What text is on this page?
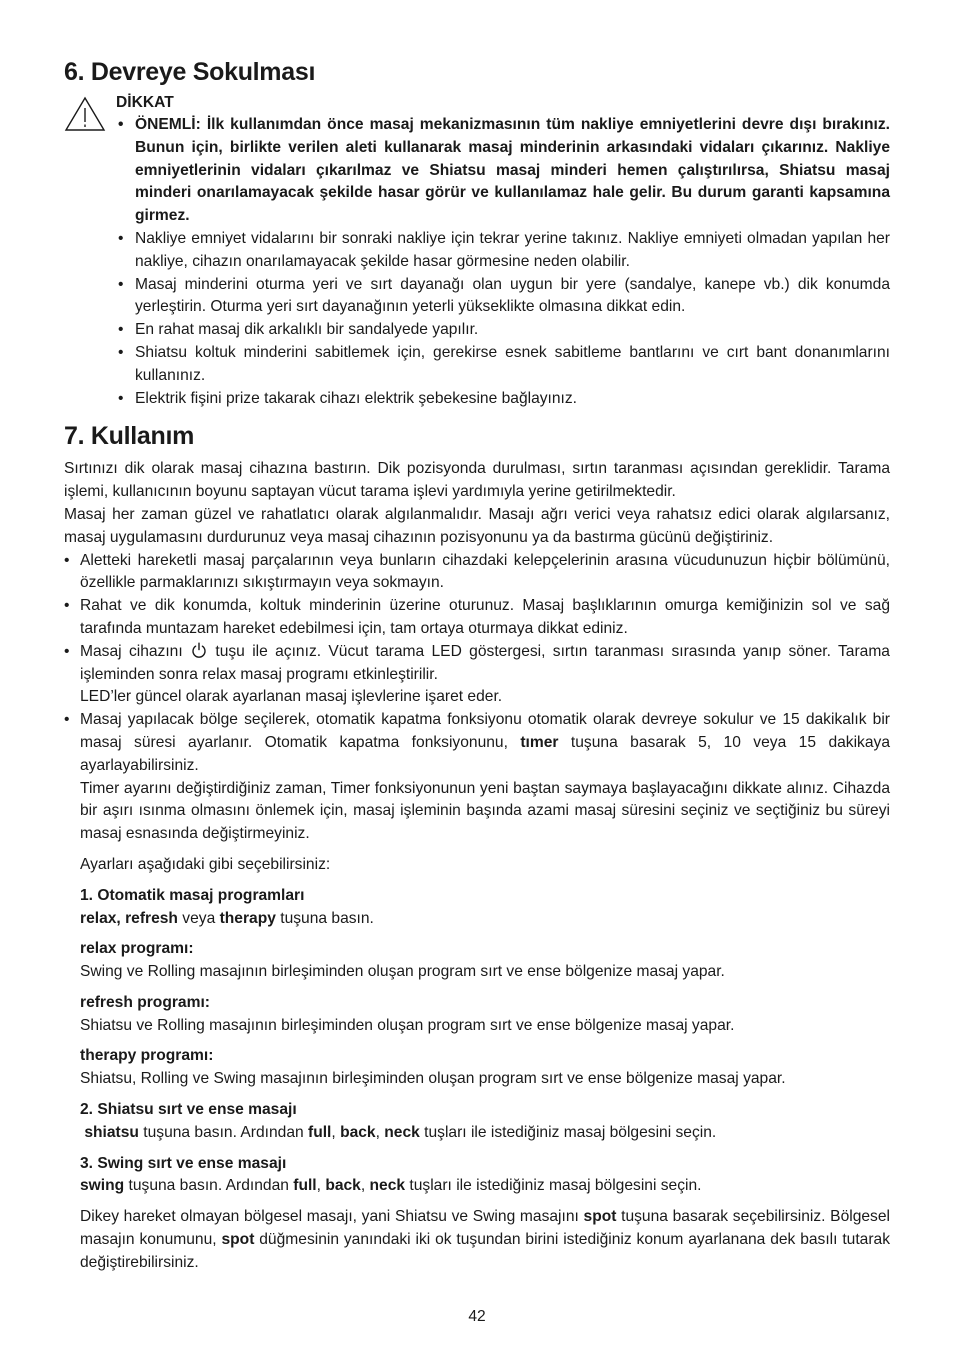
6. Devreye Sokulması

DİKKAT

• ÖNEMLİ: İlk kullanımdan önce masaj mekanizmasının tüm nakliye emniyetlerini devre dışı bırakınız. Bunun için, birlikte verilen aleti kullanarak masaj minderinin arkasındaki vidaları çıkarınız. Nakliye emniyetlerinin vidaları çıkarılmaz ve Shiatsu masaj minderi hemen çalıştırılırsa, Shiatsu masaj minderi onarılamayacak şekilde hasar görür ve kullanılamaz hale gelir. Bu durum garanti kapsamına girmez.
• Nakliye emniyet vidalarını bir sonraki nakliye için tekrar yerine takınız. Nakliye emniyeti olmadan yapılan her nakliye, cihazın onarılamayacak şekilde hasar görmesine neden olabilir.
• Masaj minderini oturma yeri ve sırt dayanağı olan uygun bir yere (sandalye, kanepe vb.) dik konumda yerleştirin. Oturma yeri sırt dayanağının yeterli yükseklikte olmasına dikkat edin.
• En rahat masaj dik arkalıklı bir sandalyede yapılır.
• Shiatsu koltuk minderini sabitlemek için, gerekirse esnek sabitleme bantlarını ve cırt bant donanımlarını kullanınız.
• Elektrik fişini prize takarak cihazı elektrik şebekesine bağlayınız.
7. Kullanım

Sırtınızı dik olarak masaj cihazına bastırın. Dik pozisyonda durulması, sırtın taranması açısından gereklidir. Tarama işlemi, kullanıcının boyunu saptayan vücut tarama işlevi yardımıyla yerine getirilmektedir.

Masaj her zaman güzel ve rahatlatıcı olarak algılanmalıdır. Masajı ağrı verici veya rahatsız edici olarak algılarsanız, masaj uygulamasını durdurunuz veya masaj cihazının pozisyonunu ya da bastırma gücünü değiştiriniz.

• Aletteki hareketli masaj parçalarının veya bunların cihazdaki kelepçelerinin arasına vücudunuzun hiçbir bölümünü, özellikle parmaklarınızı sıkıştırmayın veya sokmayın.
• Rahat ve dik konumda, koltuk minderinin üzerine oturunuz. Masaj başlıklarının omurga kemiğinizin sol ve sağ tarafında muntazam hareket edebilmesi için, tam ortaya oturmaya dikkat ediniz.
• Masaj cihazını  tuşu ile açınız. Vücut tarama LED göstergesi, sırtın taranması sırasında yanıp söner. Tarama işleminden sonra relax masaj programı etkinleştirilir.
LED’ler güncel olarak ayarlanan masaj işlevlerine işaret eder.
• Masaj yapılacak bölge seçilerek, otomatik kapatma fonksiyonu otomatik olarak devreye sokulur ve 15 dakikalık bir masaj süresi ayarlanır. Otomatik kapatma fonksiyonunu, tımer tuşuna basarak 5, 10 veya 15 dakikaya ayarlayabilirsiniz.

Timer ayarını değiştirdiğiniz zaman, Timer fonksiyonunun yeni baştan saymaya başlayacağını dikkate alınız. Cihazda bir aşırı ısınma olmasını önlemek için, masaj işleminin başında azami masaj süresini seçiniz ve seçtiğiniz bu süreyi masaj esnasında değiştirmeyiniz.

Ayarları aşağıdaki gibi seçebilirsiniz:

1. Otomatik masaj programları

relax, refresh veya therapy tuşuna basın.

relax programı:

Swing ve Rolling masajının birleşiminden oluşan program sırt ve ense bölgenize masaj yapar.

refresh programı:

Shiatsu ve Rolling masajının birleşiminden oluşan program sırt ve ense bölgenize masaj yapar.

therapy programı:

Shiatsu, Rolling ve Swing masajının birleşiminden oluşan program sırt ve ense bölgenize masaj yapar.

2. Shiatsu sırt ve ense masajı

shiatsu tuşuna basın. Ardından full, back, neck tuşları ile istediğiniz masaj bölgesini seçin.

3. Swing sırt ve ense masajı

swing tuşuna basın. Ardından full, back, neck tuşları ile istediğiniz masaj bölgesini seçin.

Dikey hareket olmayan bölgesel masajı, yani Shiatsu ve Swing masajını spot tuşuna basarak seçebilirsiniz. Bölgesel masajın konumunu, spot düğmesinin yanındaki iki ok tuşundan birini istediğiniz konum ayarlanana dek basılı tutarak değiştirebilirsiniz.

42
